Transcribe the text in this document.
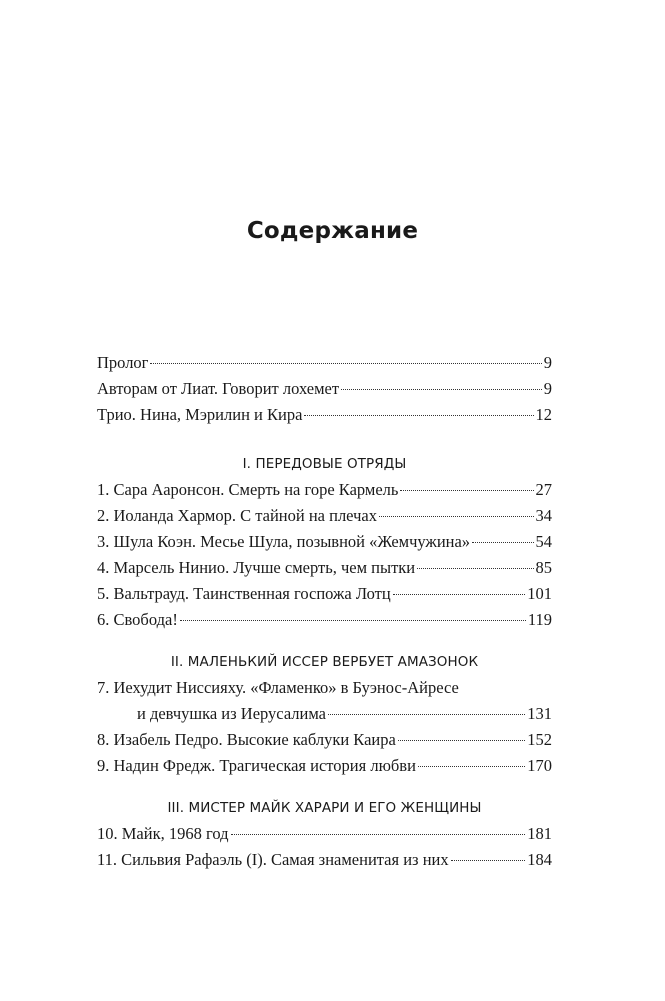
Содержание
Пролог	9
Авторам от Лиат. Говорит лохемет	9
Трио. Нина, Мэрилин и Кира	12
I. ПЕРЕДОВЫЕ ОТРЯДЫ
1. Сара Ааронсон. Смерть на горе Кармель	27
2. Иоланда Хармор. С тайной на плечах	34
3. Шула Коэн. Месье Шула, позывной «Жемчужина»	54
4. Марсель Нинио. Лучше смерть, чем пытки	85
5. Вальтрауд. Таинственная госпожа Лотц	101
6. Свобода!	119
II. МАЛЕНЬКИЙ ИССЕР ВЕРБУЕТ АМАЗОНОК
7. Иехудит Ниссияху. «Фламенко» в Буэнос-Айресе
и девчушка из Иерусалима	131
8. Изабель Педро. Высокие каблуки Каира	152
9. Надин Фредж. Трагическая история любви	170
III. МИСТЕР МАЙК ХАРАРИ И ЕГО ЖЕНЩИНЫ
10. Майк, 1968 год	181
11. Сильвия Рафаэль (I). Самая знаменитая из них	184
